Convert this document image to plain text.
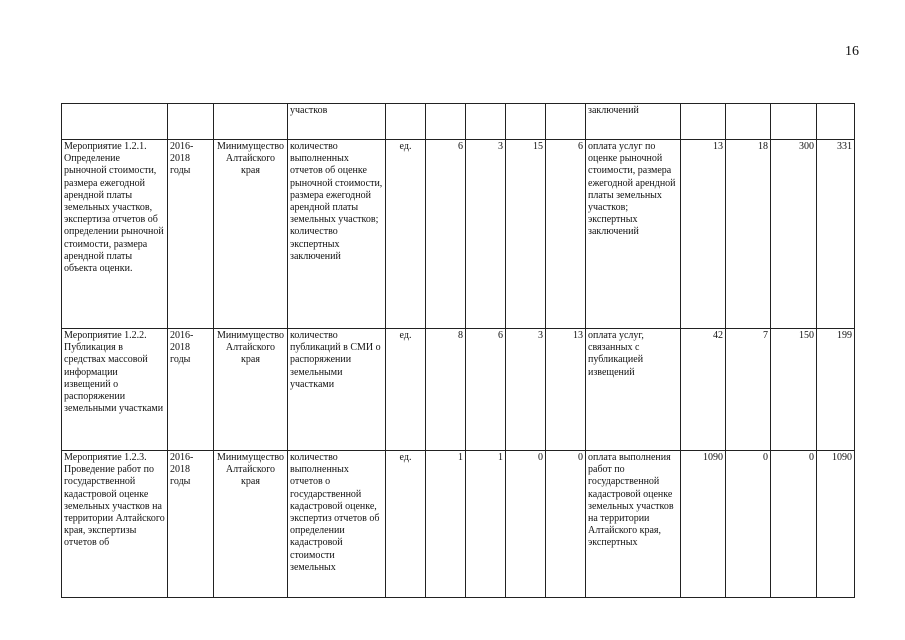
16
			участков						заключений				
Мероприятие 1.2.1. Определение рыночной стоимости, размера ежегодной арендной платы земельных участков, экспертиза отчетов об определении рыночной стоимости, размера арендной платы объекта оценки.	2016-2018 годы	Минимущество Алтайского края	количество выполненных отчетов об оценке рыночной стоимости, размера ежегодной арендной платы земельных участков; количество экспертных заключений	ед.	6	3	15	6	оплата услуг по оценке рыночной стоимости, размера ежегодной арендной платы земельных участков; экспертных заключений	13	18	300	331
Мероприятие 1.2.2. Публикация в средствах массовой информации извещений о распоряжении земельными участками	2016-2018 годы	Минимущество Алтайского края	количество публикаций в СМИ о распоряжении земельными участками	ед.	8	6	3	13	оплата услуг, связанных с публикацией извещений	42	7	150	199
Мероприятие 1.2.3. Проведение работ по государственной кадастровой оценке земельных участков на территории Алтайского края, экспертизы отчетов об	2016-2018 годы	Минимущество Алтайского края	количество выполненных отчетов о государственной кадастровой оценке, экспертиз отчетов об определении кадастровой стоимости земельных	ед.	1	1	0	0	оплата выполнения работ по государственной кадастровой оценке земельных участков на территории Алтайского края, экспертных	1090	0	0	1090
